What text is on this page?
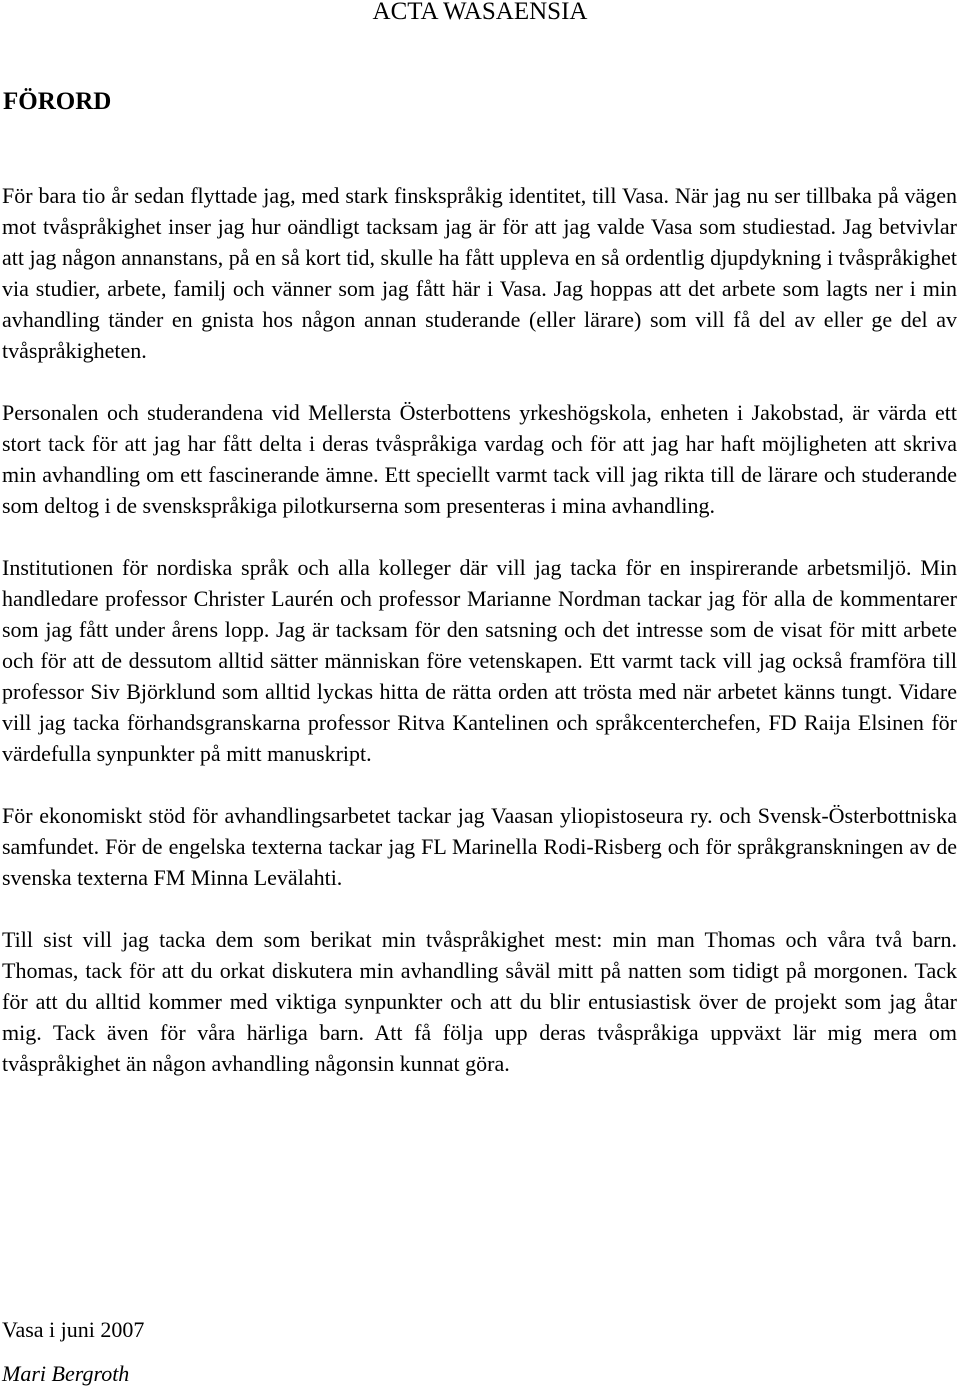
ACTA WASAENSIA
FÖRORD

För bara tio år sedan flyttade jag, med stark finskspråkig identitet, till Vasa. När jag nu ser tillbaka på vägen mot tvåspråkighet inser jag hur oändligt tacksam jag är för att jag valde Vasa som studiestad. Jag betvivlar att jag någon annanstans, på en så kort tid, skulle ha fått uppleva en så ordentlig djupdykning i tvåspråkighet via studier, arbete, familj och vänner som jag fått här i Vasa. Jag hoppas att det arbete som lagts ner i min avhandling tänder en gnista hos någon annan studerande (eller lärare) som vill få del av eller ge del av tvåspråkigheten.

Personalen och studerandena vid Mellersta Österbottens yrkeshögskola, enheten i Jakobstad, är värda ett stort tack för att jag har fått delta i deras tvåspråkiga vardag och för att jag har haft möjligheten att skriva min avhandling om ett fascinerande ämne. Ett speciellt varmt tack vill jag rikta till de lärare och studerande som deltog i de svenskspråkiga pilotkurserna som presenteras i mina avhandling.

Institutionen för nordiska språk och alla kolleger där vill jag tacka för en inspirerande arbetsmiljö. Min handledare professor Christer Laurén och professor Marianne Nordman tackar jag för alla de kommentarer som jag fått under årens lopp. Jag är tacksam för den satsning och det intresse som de visat för mitt arbete och för att de dessutom alltid sätter människan före vetenskapen. Ett varmt tack vill jag också framföra till professor Siv Björklund som alltid lyckas hitta de rätta orden att trösta med när arbetet känns tungt. Vidare vill jag tacka förhandsgranskarna professor Ritva Kantelinen och språkcenterchefen, FD Raija Elsinen för värdefulla synpunkter på mitt manuskript.

För ekonomiskt stöd för avhandlingsarbetet tackar jag Vaasan yliopistoseura ry. och Svensk-Österbottniska samfundet. För de engelska texterna tackar jag FL Marinella Rodi-Risberg och för språkgranskningen av de svenska texterna FM Minna Levälahti.

Till sist vill jag tacka dem som berikat min tvåspråkighet mest: min man Thomas och våra två barn. Thomas, tack för att du orkat diskutera min avhandling såväl mitt på natten som tidigt på morgonen. Tack för att du alltid kommer med viktiga synpunkter och att du blir entusiastisk över de projekt som jag åtar mig. Tack även för våra härliga barn. Att få följa upp deras tvåspråkiga uppväxt lär mig mera om tvåspråkighet än någon avhandling någonsin kunnat göra.

Vasa i juni 2007
Mari Bergroth
